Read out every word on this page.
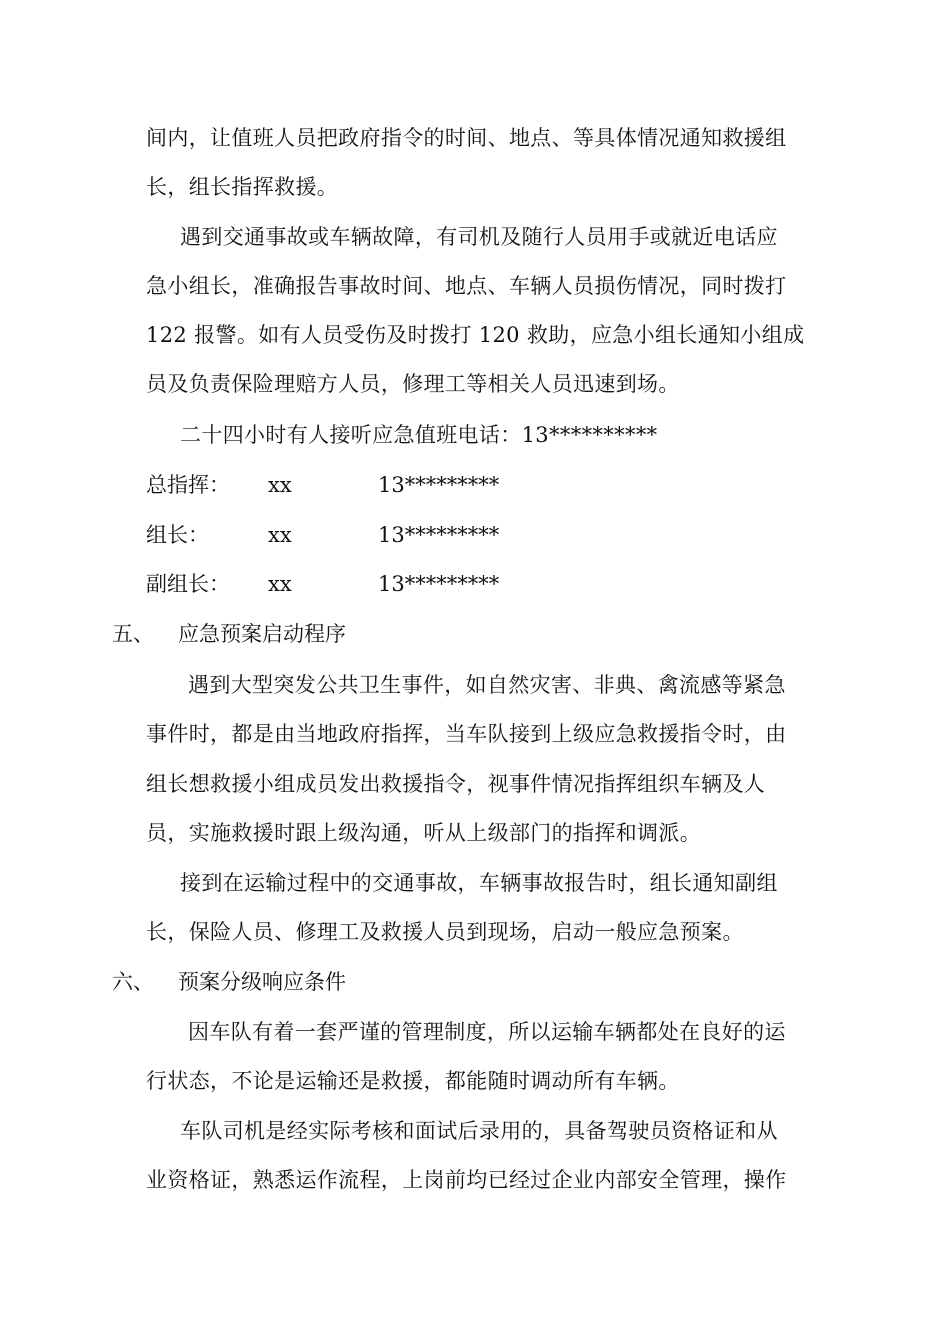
间内，让值班人员把政府指令的时间、地点、等具体情况通知救援组
长，组长指挥救援。
遇到交通事故或车辆故障，有司机及随行人员用手或就近电话应
急小组长，准确报告事故时间、地点、车辆人员损伤情况，同时拨打
122 报警。如有人员受伤及时拨打 120 救助，应急小组长通知小组成
员及负责保险理赔方人员，修理工等相关人员迅速到场。
二十四小时有人接听应急值班电话：13**********
总指挥： xx	13*********
组长：	xx	13*********
副组长： xx	13*********
五、 应急预案启动程序
遇到大型突发公共卫生事件，如自然灾害、非典、禽流感等紧急
事件时，都是由当地政府指挥，当车队接到上级应急救援指令时，由
组长想救援小组成员发出救援指令，视事件情况指挥组织车辆及人
员，实施救援时跟上级沟通，听从上级部门的指挥和调派。
接到在运输过程中的交通事故，车辆事故报告时，组长通知副组
长，保险人员、修理工及救援人员到现场，启动一般应急预案。
六、 预案分级响应条件
因车队有着一套严谨的管理制度，所以运输车辆都处在良好的运
行状态，不论是运输还是救援，都能随时调动所有车辆。
车队司机是经实际考核和面试后录用的，具备驾驶员资格证和从
业资格证，熟悉运作流程，上岗前均已经过企业内部安全管理，操作
